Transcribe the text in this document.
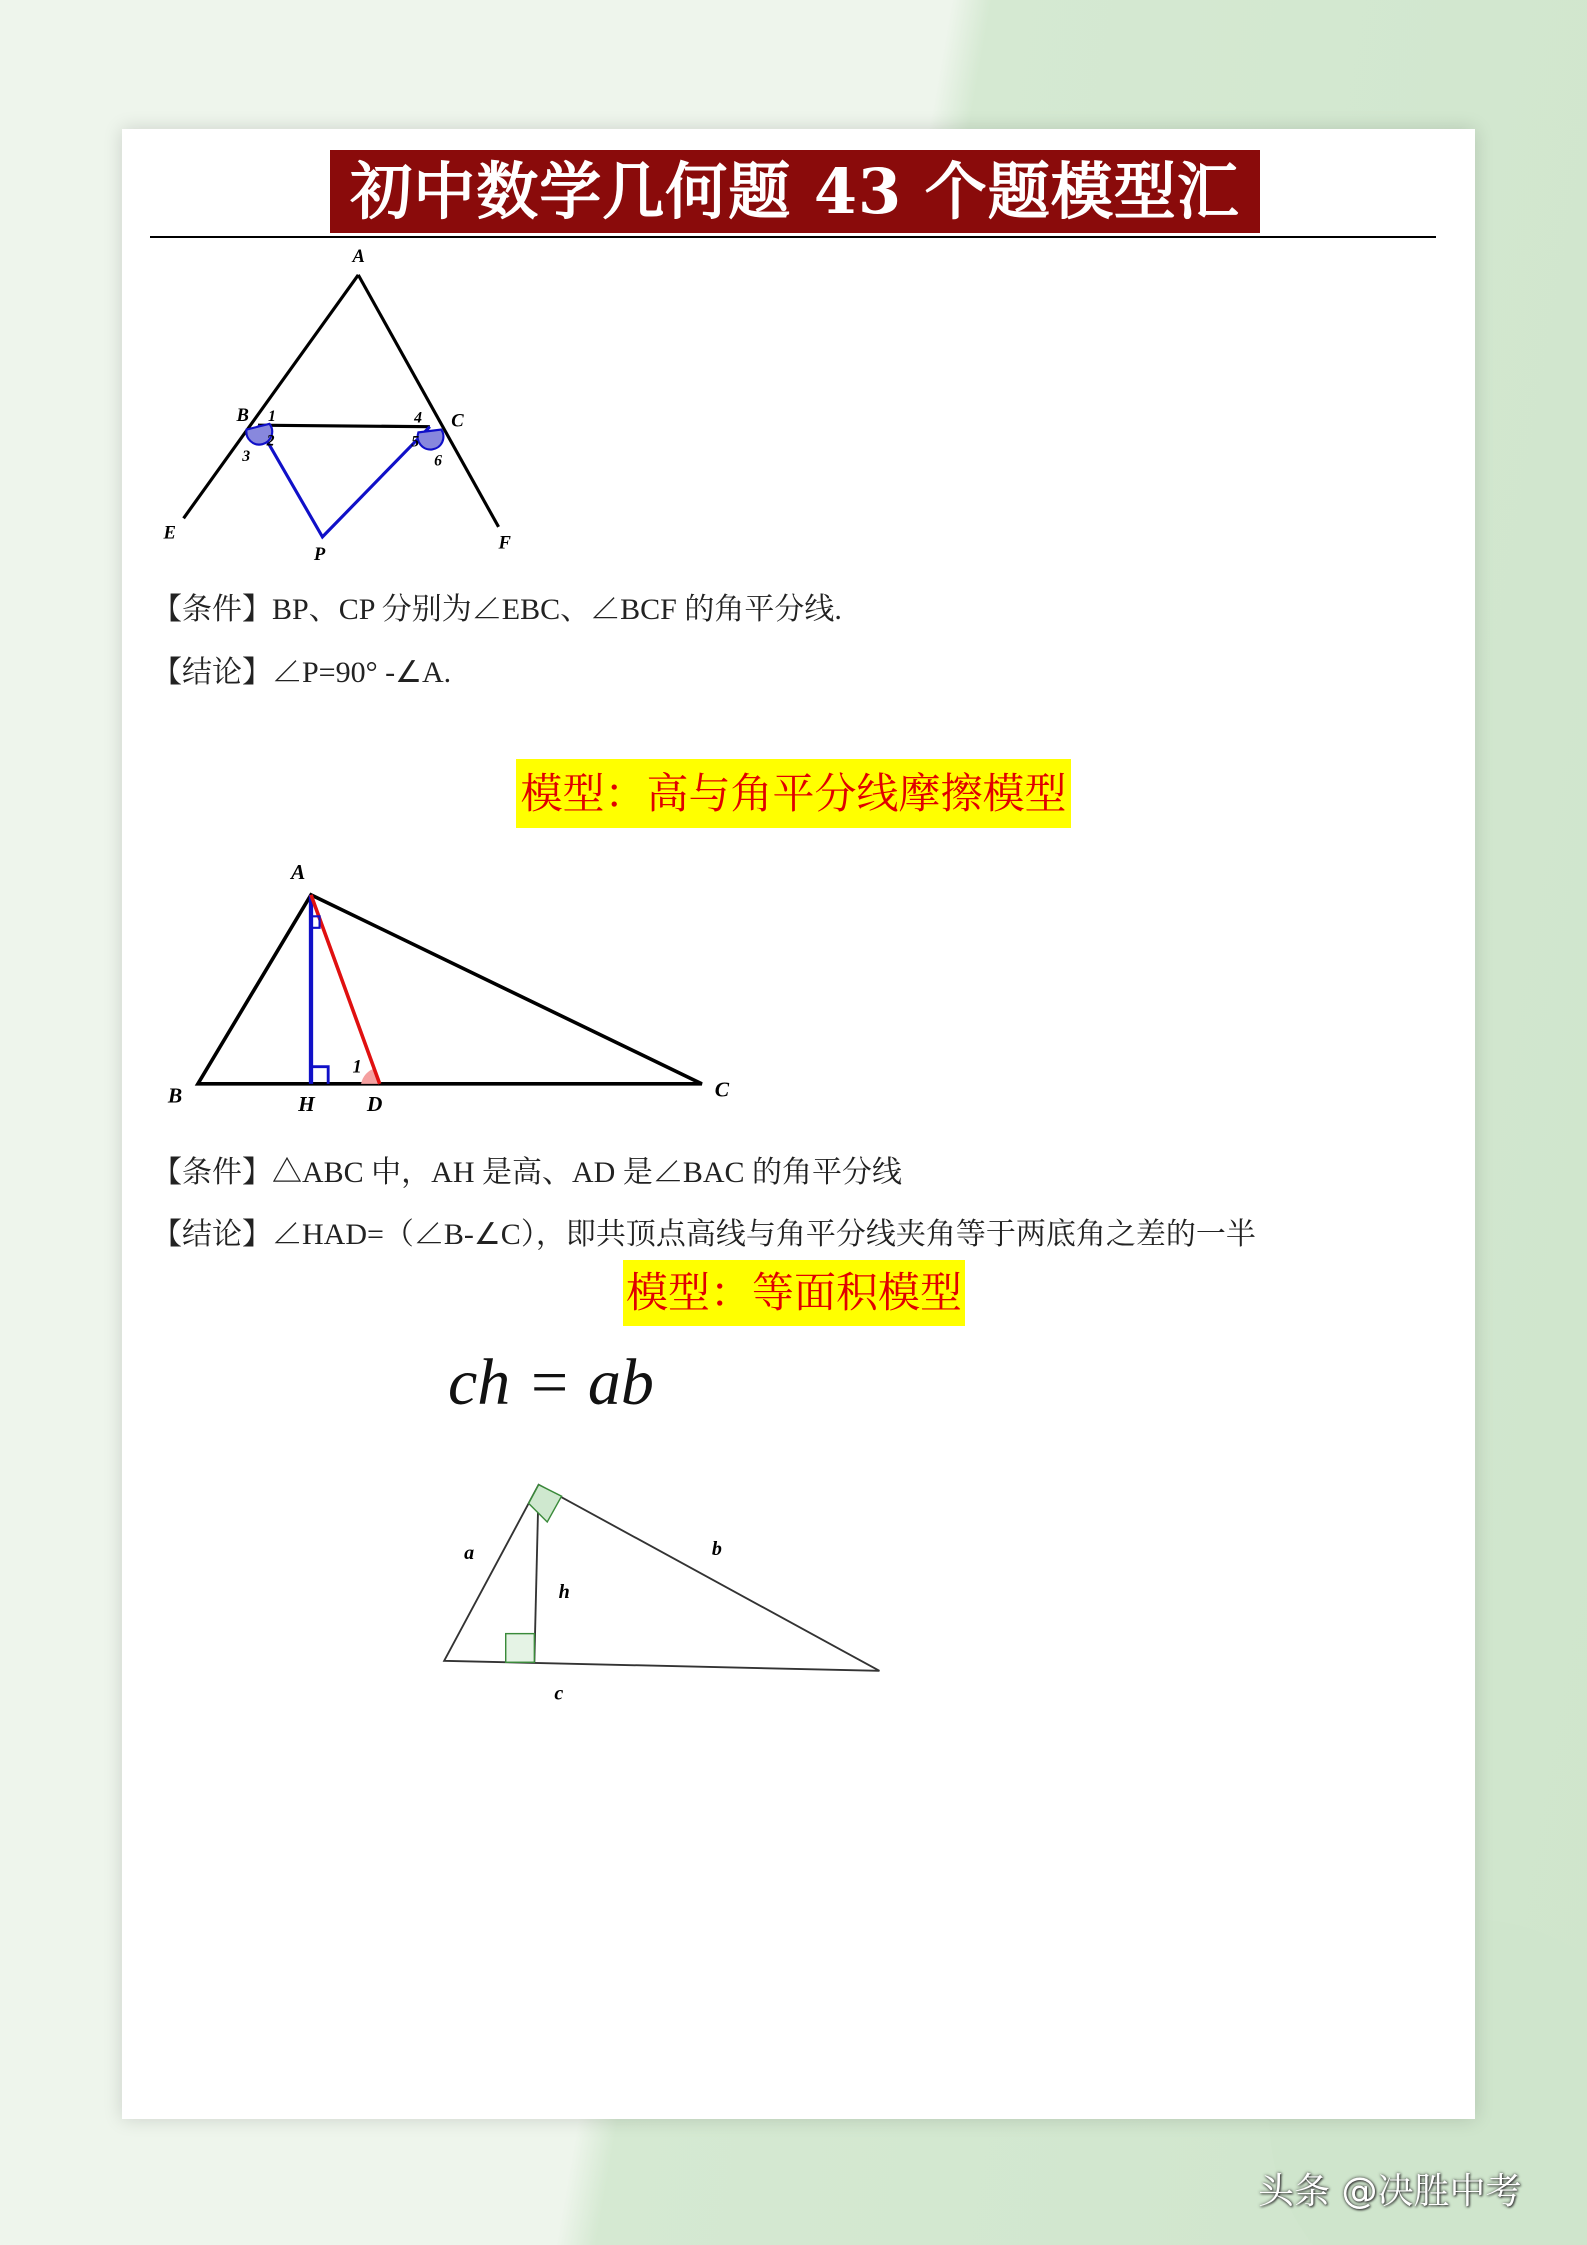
初中数学几何题 43 个题模型汇总
A
B	C
E	F
P
1
2
3
4
5
6
A
B	H	D
C
1
a	b
h
c
【条件】BP、CP 分别为∠EBC、∠BCF 的角平分线.
【结论】∠P=90° -∠A.
模型：高与角平分线摩擦模型
【条件】△ABC 中，AH 是高、AD 是∠BAC 的角平分线
【结论】∠HAD=（∠B-∠C），即共顶点高线与角平分线夹角等于两底角之差的一半
模型：等面积模型
ch = ab
头条 @决胜中考
